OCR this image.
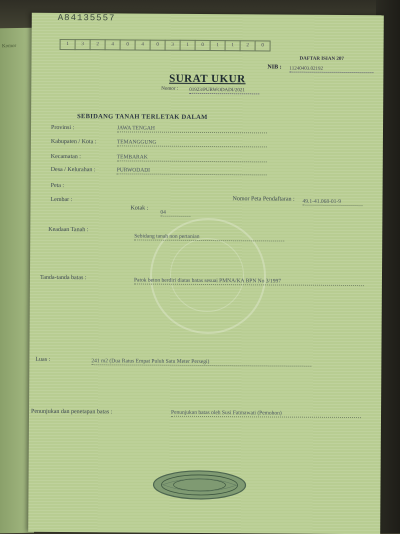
Komor
A84135557
1	3	2	4	0	4	0	3	1	0	1	1	2	0
DAFTAR ISIAN 207
NIB : 11240403.02192
SURAT UKUR
Nomor : 01923/PURWODADI/2021
SEBIDANG TANAH TERLETAK DALAM
Provinsi :	JAWA TENGAH
Kabupaten / Kota :	TEMANGGUNG
Kecamatan :	TEMBARAK
Desa / Kelurahan :	PURWODADI
Peta :
Lembar :
Kotak :
04
Nomor Peta Pendaftaran : 49.1-41.068-01-9
Keadaan Tanah :
Sebidang tanah non pertanian
Tanda-tanda batas :	Patok beton berdiri diatas batas sesuai PMNA/KA BPN No 3/1997
Luas :	241 m2 (Dua Ratus Empat Puluh Satu Meter Persegi)
Penunjukan dan penetapan batas :	Penunjukan batas oleh Susi Fatmawati (Pemohon)
